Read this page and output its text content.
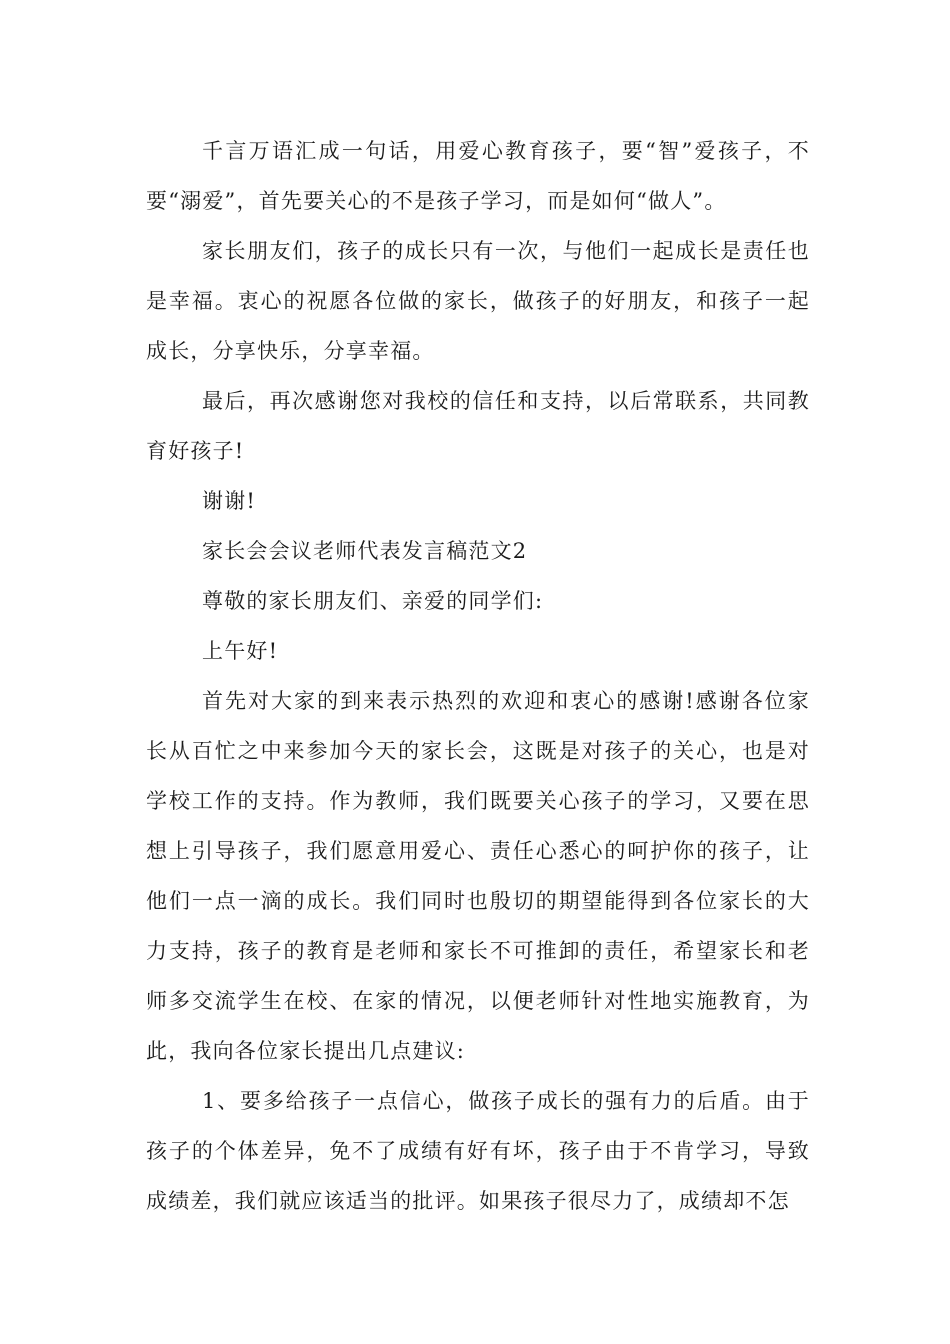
千言万语汇成一句话，用爱心教育孩子，要“智”爱孩子，不要“溺爱”，首先要关心的不是孩子学习，而是如何“做人”。

家长朋友们，孩子的成长只有一次，与他们一起成长是责任也是幸福。衷心的祝愿各位做的家长，做孩子的好朋友，和孩子一起成长，分享快乐，分享幸福。

最后，再次感谢您对我校的信任和支持，以后常联系，共同教育好孩子!

谢谢!

家长会会议老师代表发言稿范文2

尊敬的家长朋友们、亲爱的同学们:

上午好!

首先对大家的到来表示热烈的欢迎和衷心的感谢!感谢各位家长从百忙之中来参加今天的家长会，这既是对孩子的关心，也是对学校工作的支持。作为教师，我们既要关心孩子的学习，又要在思想上引导孩子，我们愿意用爱心、责任心悉心的呵护你的孩子，让他们一点一滴的成长。我们同时也殷切的期望能得到各位家长的大力支持，孩子的教育是老师和家长不可推卸的责任，希望家长和老师多交流学生在校、在家的情况，以便老师针对性地实施教育，为此，我向各位家长提出几点建议:

1、要多给孩子一点信心，做孩子成长的强有力的后盾。由于孩子的个体差异，免不了成绩有好有坏，孩子由于不肯学习，导致成绩差，我们就应该适当的批评。如果孩子很尽力了，成绩却不怎
